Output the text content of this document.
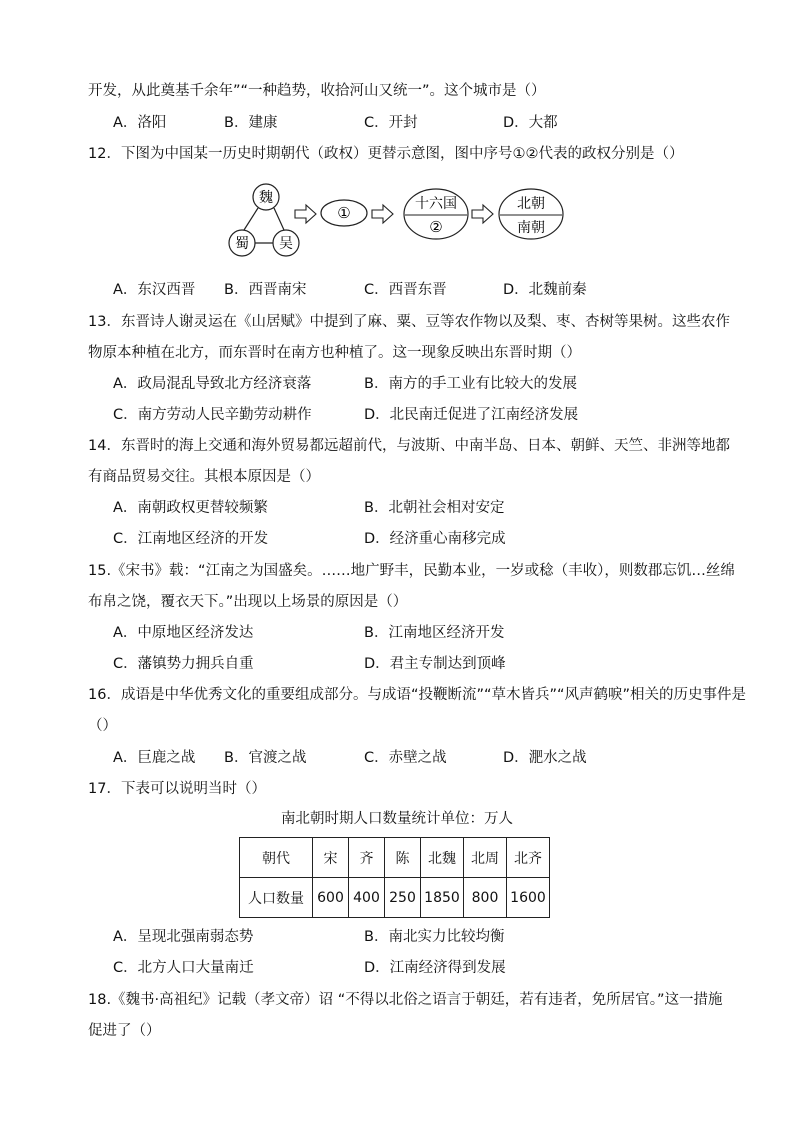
开发，从此奠基千余年”“一种趋势，收拾河山又统一”。这个城市是（）
A．洛阳	B．建康	C．开封	D．大都
12．下图为中国某一历史时期朝代（政权）更替示意图，图中序号①②代表的政权分别是（）
魏
蜀 吴
①	十六国
②
北朝
南朝
A．东汉西晋 B．西晋南宋	C．西晋东晋	D．北魏前秦
13．东晋诗人谢灵运在《山居赋》中提到了麻、粟、豆等农作物以及梨、枣、杏树等果树。这些农作
物原本种植在北方，而东晋时在南方也种植了。这一现象反映出东晋时期（）
A．政局混乱导致北方经济衰落	B．南方的手工业有比较大的发展
C．南方劳动人民辛勤劳动耕作	D．北民南迁促进了江南经济发展
14．东晋时的海上交通和海外贸易都远超前代，与波斯、中南半岛、日本、朝鲜、天竺、非洲等地都
有商品贸易交往。其根本原因是（）
A．南朝政权更替较频繁	B．北朝社会相对安定
C．江南地区经济的开发	D．经济重心南移完成
15.《宋书》载：“江南之为国盛矣。……地广野丰，民勤本业，一岁或稔（丰收），则数郡忘饥…丝绵
布帛之饶，覆衣天下。”出现以上场景的原因是（）
A．中原地区经济发达	B．江南地区经济开发
C．藩镇势力拥兵自重	D．君主专制达到顶峰
16．成语是中华优秀文化的重要组成部分。与成语“投鞭断流”“草木皆兵”“风声鹤唳”相关的历史事件是
（）
A．巨鹿之战 B．官渡之战	C．赤壁之战	D．淝水之战
17．下表可以说明当时（）
南北朝时期人口数量统计单位：万人
朝代	宋	齐	陈	北魏	北周	北齐
人口数量	600	400	250	1850	800	1600
A．呈现北强南弱态势	B．南北实力比较均衡
C．北方人口大量南迁	D．江南经济得到发展
18.《魏书·高祖纪》记载（孝文帝）诏 “不得以北俗之语言于朝廷，若有违者，免所居官。”这一措施
促进了（）
